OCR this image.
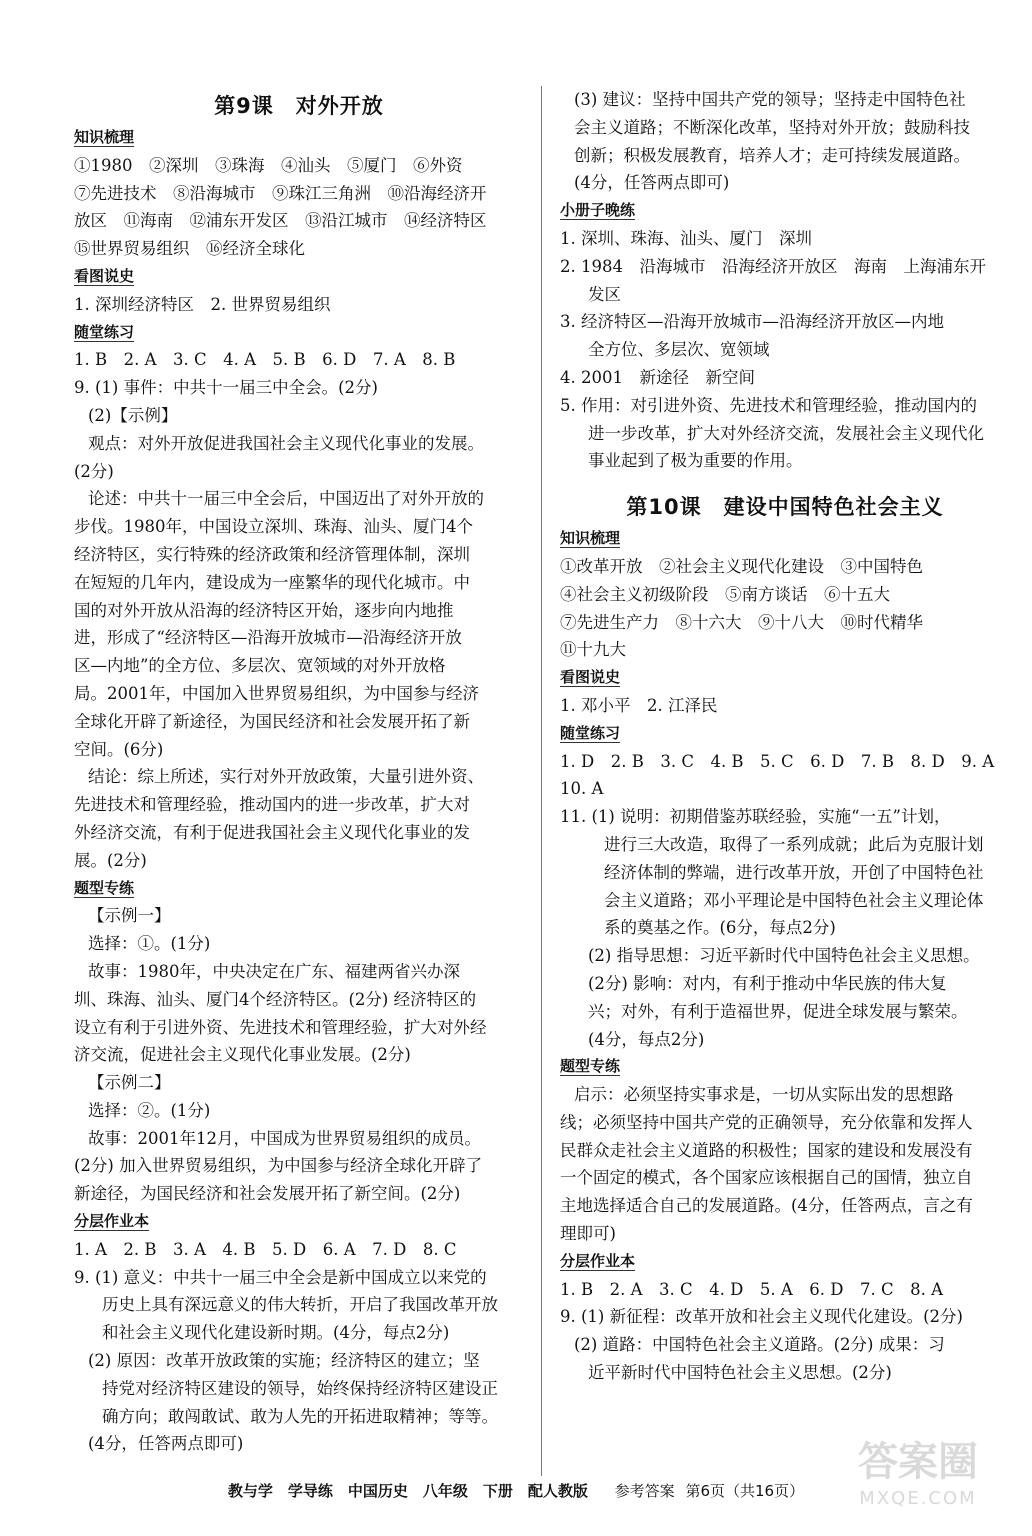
第9课　对外开放
知识梳理
①1980　②深圳　③珠海　④汕头　⑤厦门　⑥外资
⑦先进技术　⑧沿海城市　⑨珠江三角洲　⑩沿海经济开
放区　⑪海南　⑫浦东开发区　⑬沿江城市　⑭经济特区
⑮世界贸易组织　⑯经济全球化
看图说史
1. 深圳经济特区　2. 世界贸易组织
随堂练习
1. B　2. A　3. C　4. A　5. B　6. D　7. A　8. B
9. (1) 事件：中共十一届三中全会。(2分)
(2)【示例】
观点：对外开放促进我国社会主义现代化事业的发展。
(2分)
论述：中共十一届三中全会后，中国迈出了对外开放的
步伐。1980年，中国设立深圳、珠海、汕头、厦门4个
经济特区，实行特殊的经济政策和经济管理体制，深圳
在短短的几年内，建设成为一座繁华的现代化城市。中
国的对外开放从沿海的经济特区开始，逐步向内地推
进，形成了“经济特区—沿海开放城市—沿海经济开放
区—内地”的全方位、多层次、宽领域的对外开放格
局。2001年，中国加入世界贸易组织，为中国参与经济
全球化开辟了新途径，为国民经济和社会发展开拓了新
空间。(6分)
结论：综上所述，实行对外开放政策，大量引进外资、
先进技术和管理经验，推动国内的进一步改革，扩大对
外经济交流，有利于促进我国社会主义现代化事业的发
展。(2分)
题型专练
【示例一】
选择：①。(1分)
故事：1980年，中央决定在广东、福建两省兴办深
圳、珠海、汕头、厦门4个经济特区。(2分) 经济特区的
设立有利于引进外资、先进技术和管理经验，扩大对外经
济交流，促进社会主义现代化事业发展。(2分)
【示例二】
选择：②。(1分)
故事：2001年12月，中国成为世界贸易组织的成员。
(2分) 加入世界贸易组织，为中国参与经济全球化开辟了
新途径，为国民经济和社会发展开拓了新空间。(2分)
分层作业本
1. A　2. B　3. A　4. B　5. D　6. A　7. D　8. C
9. (1) 意义：中共十一届三中全会是新中国成立以来党的
历史上具有深远意义的伟大转折，开启了我国改革开放
和社会主义现代化建设新时期。(4分，每点2分)
(2) 原因：改革开放政策的实施；经济特区的建立；坚
持党对经济特区建设的领导，始终保持经济特区建设正
确方向；敢闯敢试、敢为人先的开拓进取精神；等等。
(4分，任答两点即可)
(3) 建议：坚持中国共产党的领导；坚持走中国特色社
会主义道路；不断深化改革，坚持对外开放；鼓励科技
创新；积极发展教育，培养人才；走可持续发展道路。
(4分，任答两点即可)
小册子晚练
1. 深圳、珠海、汕头、厦门　深圳
2. 1984　沿海城市　沿海经济开放区　海南　上海浦东开
发区
3. 经济特区—沿海开放城市—沿海经济开放区—内地
全方位、多层次、宽领域
4. 2001　新途径　新空间
5. 作用：对引进外资、先进技术和管理经验，推动国内的
进一步改革，扩大对外经济交流，发展社会主义现代化
事业起到了极为重要的作用。
第10课　建设中国特色社会主义
知识梳理
①改革开放　②社会主义现代化建设　③中国特色
④社会主义初级阶段　⑤南方谈话　⑥十五大
⑦先进生产力　⑧十六大　⑨十八大　⑩时代精华
⑪十九大
看图说史
1. 邓小平　2. 江泽民
随堂练习
1. D　2. B　3. C　4. B　5. C　6. D　7. B　8. D　9. A
10. A
11. (1) 说明：初期借鉴苏联经验，实施“一五”计划，
进行三大改造，取得了一系列成就；此后为克服计划
经济体制的弊端，进行改革开放，开创了中国特色社
会主义道路；邓小平理论是中国特色社会主义理论体
系的奠基之作。(6分，每点2分)
(2) 指导思想：习近平新时代中国特色社会主义思想。
(2分) 影响：对内，有利于推动中华民族的伟大复
兴；对外，有利于造福世界，促进全球发展与繁荣。
(4分，每点2分)
题型专练
启示：必须坚持实事求是，一切从实际出发的思想路
线；必须坚持中国共产党的正确领导，充分依靠和发挥人
民群众走社会主义道路的积极性；国家的建设和发展没有
一个固定的模式，各个国家应该根据自己的国情，独立自
主地选择适合自己的发展道路。(4分，任答两点，言之有
理即可)
分层作业本
1. B　2. A　3. C　4. D　5. A　6. D　7. C　8. A
9. (1) 新征程：改革开放和社会主义现代化建设。(2分)
(2) 道路：中国特色社会主义道路。(2分) 成果：习
近平新时代中国特色社会主义思想。(2分)
教与学　学导练　中国历史　八年级　下册　配人教版 参考答案 第6页（共16页）
答案圈
MXQE.COM
